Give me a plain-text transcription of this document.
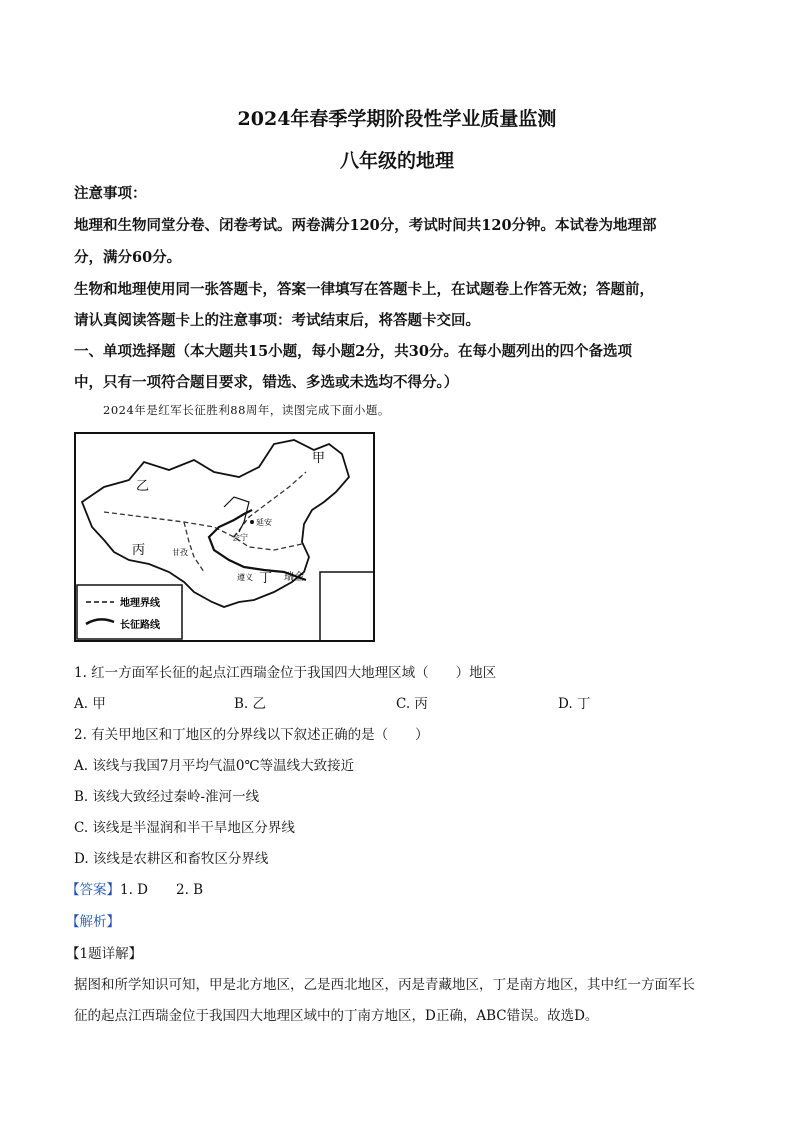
2024年春季学期阶段性学业质量监测
八年级的地理
注意事项：
地理和生物同堂分卷、闭卷考试。两卷满分120分，考试时间共120分钟。本试卷为地理部
分，满分60分。
生物和地理使用同一张答题卡，答案一律填写在答题卡上，在试题卷上作答无效；答题前，
请认真阅读答题卡上的注意事项：考试结束后，将答题卡交回。
一、单项选择题（本大题共15小题，每小题2分，共30分。在每小题列出的四个备选项
中，只有一项符合题目要求，错选、多选或未选均不得分。）
2024年是红军长征胜利88周年，读图完成下面小题。
甲
乙
丙
丁
延安
会宁
甘孜
遵义	瑞金
地理界线
长征路线
1. 红一方面军长征的起点江西瑞金位于我国四大地理区域（　　）地区
A. 甲	B. 乙	C. 丙	D. 丁
2. 有关甲地区和丁地区的分界线以下叙述正确的是（　　）
A. 该线与我国7月平均气温0℃等温线大致接近
B. 该线大致经过秦岭-淮河一线
C. 该线是半湿润和半干旱地区分界线
D. 该线是农耕区和畜牧区分界线
【答案】1. D 2. B
【解析】
【1题详解】
据图和所学知识可知，甲是北方地区，乙是西北地区，丙是青藏地区，丁是南方地区，其中红一方面军长
征的起点江西瑞金位于我国四大地理区域中的丁南方地区，D正确，ABC错误。故选D。
